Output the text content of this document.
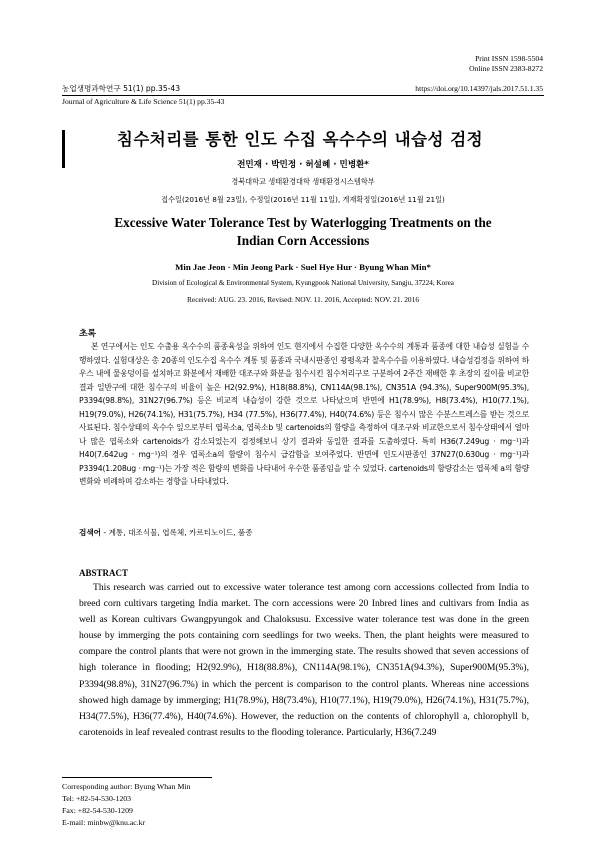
Print ISSN 1598-5504
Online ISSN 2383-8272
농업생명과학연구 51(1) pp.35-43	https://doi.org/10.14397/jals.2017.51.1.35
Journal of Agriculture & Life Science 51(1) pp.35-43
침수처리를 통한 인도 수집 옥수수의 내습성 검정
전민재 · 박민정 · 허설혜 · 민병환*
경북대학교 생태환경대학 생태환경시스템학부
접수일(2016년 8월 23일), 수정일(2016년 11월 11일), 게재확정일(2016년 11월 21일)
Excessive Water Tolerance Test by Waterlogging Treatments on the Indian Corn Accessions
Min Jae Jeon · Min Jeong Park · Suel Hye Hur · Byung Whan Min*
Division of Ecological & Environmental System, Kyungpook National University, Sangju, 37224, Korea
Received: AUG. 23. 2016, Revised: NOV. 11. 2016, Accepted: NOV. 21. 2016
초록
본 연구에서는 인도 수출용 옥수수의 품종육성을 위하여 인도 현지에서 수집한 다양한 옥수수의 계통과 품종에 대한 내습성 실험을 수행하였다. 실험대상은 총 20종의 인도수집 옥수수 계통 및 품종과 국내시판종인 광평옥과 찰옥수수를 이용하였다. 내습성검정을 위하여 하우스 내에 물웅덩이를 설치하고 화분에서 재배한 대조구와 화분을 침수시킨 침수처리구로 구분하여 2주간 재배한 후 초장의 길이를 비교한 결과 일반구에 대한 침수구의 비율이 높은 H2(92.9%), H18(88.8%), CN114A(98.1%), CN351A (94.3%), Super900M(95.3%), P3394(98.8%), 31N27(96.7%) 등은 비교적 내습성이 강한 것으로 나타났으며 반면에 H1(78.9%), H8(73.4%), H10(77.1%), H19(79.0%), H26(74.1%), H31(75.7%), H34 (77.5%), H36(77.4%), H40(74.6%) 등은 침수시 많은 수분스트레스를 받는 것으로 사료된다. 침수상태의 옥수수 잎으로부터 엽록소a, 엽록소b 및 cartenoids의 함량을 측정하여 대조구와 비교한으로서 침수상태에서 얼마나 많은 엽록소와 cartenoids가 감소되었는지 검정해보니 상기 결과와 동일한 결과를 도출하였다. 특히 H36(7.249ug · mg⁻¹)과 H40(7.642ug · mg⁻¹)의 경우 엽록소a의 함량이 침수시 급감함을 보여주었다. 반면에 인도시판종인 37N27(0.630ug · mg⁻¹)과 P3394(1.208ug · mg⁻¹)는 가장 적은 함량의 변화를 나타내어 우수한 품종임을 알 수 있었다. cartenoids의 함량감소는 엽록체 a의 함량변화와 비례하며 감소하는 경향을 나타내었다.
검색어 - 계통, 대조식물, 엽록체, 카르티노이드, 품종
ABSTRACT
This research was carried out to excessive water tolerance test among corn accessions collected from India to breed corn cultivars targeting India market. The corn accessions were 20 Inbred lines and cultivars from India as well as Korean cultivars Gwangpyungok and Chaloksusu. Excessive water tolerance test was done in the green house by immerging the pots containing corn seedlings for two weeks. Then, the plant heights were measured to compare the control plants that were not grown in the immerging state. The results showed that seven accessions of high tolerance in flooding; H2(92.9%), H18(88.8%), CN114A(98.1%), CN351A(94.3%), Super900M(95.3%), P3394(98.8%), 31N27(96.7%) in which the percent is comparison to the control plants. Whereas nine accessions showed high damage by immerging; H1(78.9%), H8(73.4%), H10(77.1%), H19(79.0%), H26(74.1%), H31(75.7%), H34(77.5%), H36(77.4%), H40(74.6%). However, the reduction on the contents of chlorophyll a, chlorophyll b, carotenoids in leaf revealed contrast results to the flooding tolerance. Particularly, H36(7.249
Corresponding author: Byung Whan Min
Tel: +82-54-530-1203
Fax: +82-54-530-1209
E-mail: minbw@knu.ac.kr
